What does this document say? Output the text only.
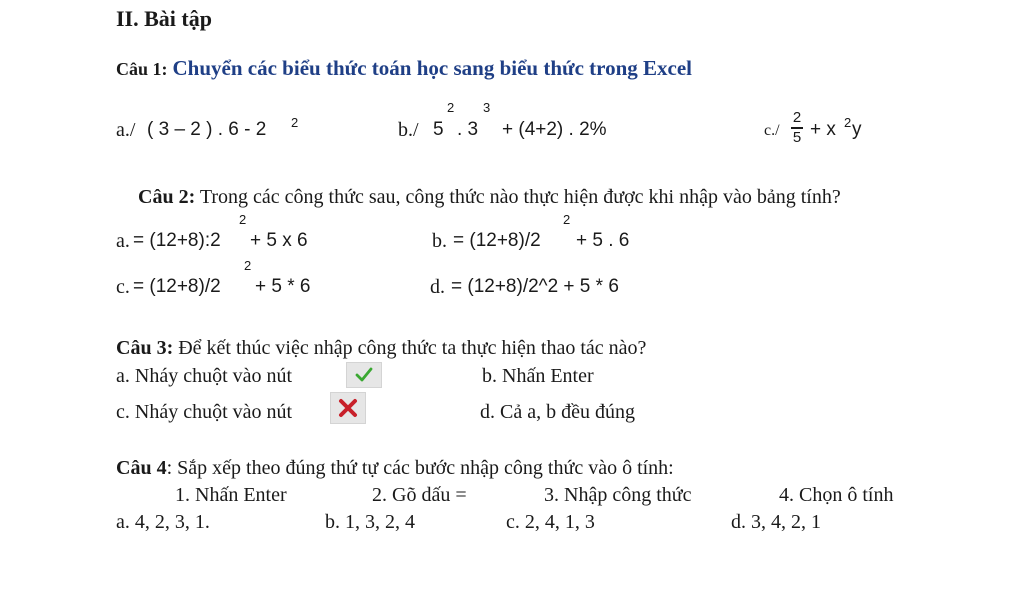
II. Bài tập
Câu 1: Chuyển các biểu thức toán học sang biểu thức trong Excel
a./ ( 3 – 2 ) . 6 - 2 2	b./ 5
2
. 3
3
+ (4+2) . 2%	c./
2
5 + x 2 y
Câu 2: Trong các công thức sau, công thức nào thực hiện được khi nhập vào bảng tính?
a. = (12+8):2
2
+ 5 x 6	b. = (12+8)/2
2
+ 5 . 6
c. = (12+8)/2
2
+ 5 * 6	d. = (12+8)/2^2 + 5 * 6
Câu 3: Để kết thúc việc nhập công thức ta thực hiện thao tác nào?
a. Nháy chuột vào nút	b. Nhấn Enter
c. Nháy chuột vào nút	d. Cả a, b đều đúng
Câu 4: Sắp xếp theo đúng thứ tự các bước nhập công thức vào ô tính:
1. Nhấn Enter	2. Gõ dấu =	3. Nhập công thức	4. Chọn ô tính
a. 4, 2, 3, 1.	b. 1, 3, 2, 4	c. 2, 4, 1, 3	d. 3, 4, 2, 1
